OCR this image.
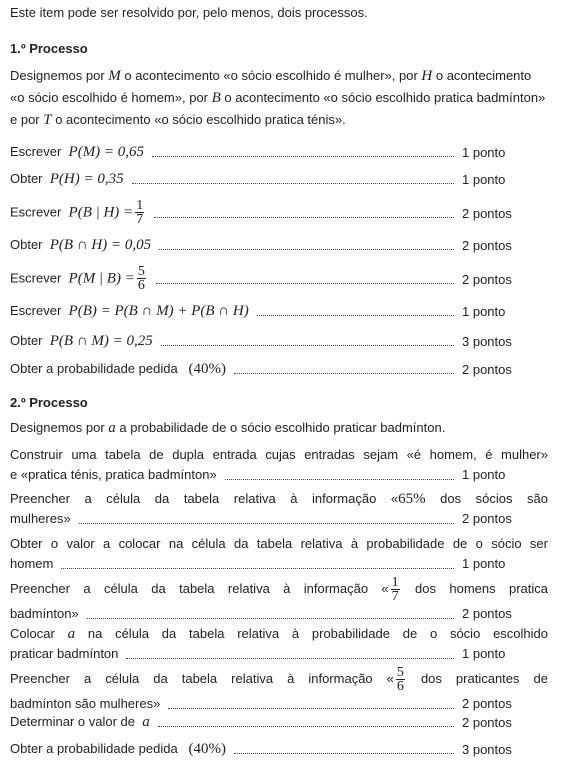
Este item pode ser resolvido por, pelo menos, dois processos.
1.º Processo
Designemos por M o acontecimento «o sócio escolhido é mulher», por H o acontecimento
«o sócio escolhido é homem», por B o acontecimento «o sócio escolhido pratica badmínton»
e por T o acontecimento «o sócio escolhido pratica ténis».
Escrever P(M) = 0,65	1 ponto
Obter P(H) = 0,35	1 ponto
Escrever P(B | $H) = \frac{1}{7}$	2 pontos
Obter P(B ∩ H) = 0,05	2 pontos
Escrever P(M | $B) = \frac{5}{6}$	2 pontos
Escrever P(B) = P(B ∩ M) + P(B ∩ H)	1 ponto
Obter P(B ∩ M) = 0,25	3 pontos
Obter a probabilidade pedida (40%)	2 pontos
2.º Processo
Designemos por a a probabilidade de o sócio escolhido praticar badmínton.
Construir uma tabela de dupla entrada cujas entradas sejam «é homem, é mulher»
e «pratica ténis, pratica badmínton»	1 ponto
Preencher a célula da tabela relativa à informação «65% dos sócios são
mulheres»	2 pontos
Obter o valor a colocar na célula da tabela relativa à probabilidade de o sócio ser
homem	1 ponto
Preencher a célula da tabela relativa à informação « $\frac{1}{7}$ dos homens pratica
badmínton»	2 pontos
Colocar a na célula da tabela relativa à probabilidade de o sócio escolhido
praticar badmínton	1 ponto
Preencher a célula da tabela relativa à informação « $\frac{5}{6}$ dos praticantes de
badmínton são mulheres»	2 pontos
Determinar o valor de a	2 pontos
Obter a probabilidade pedida (40%)	3 pontos
